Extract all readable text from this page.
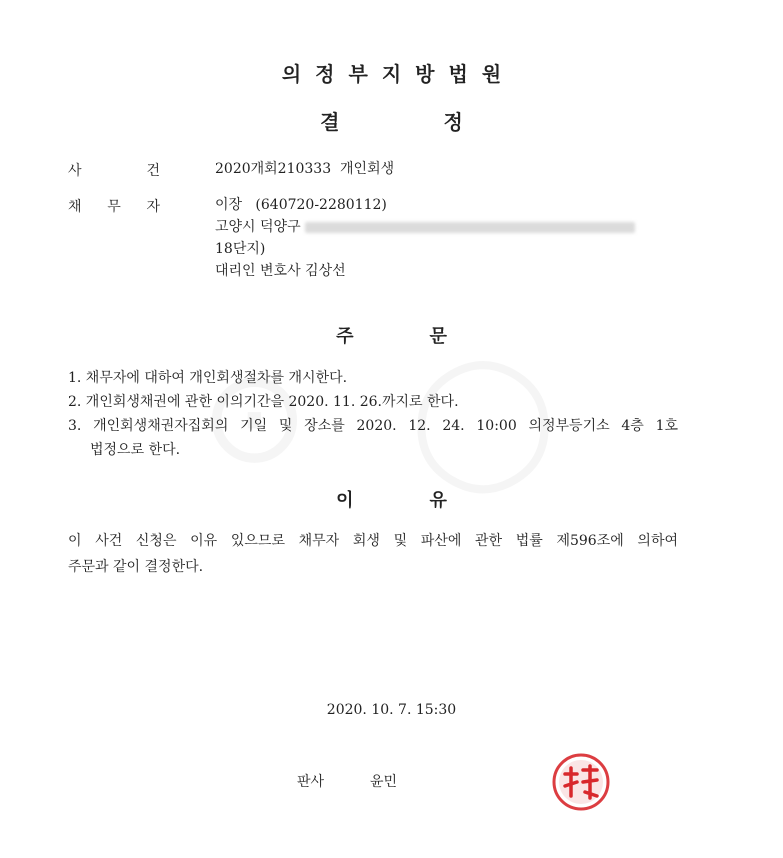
의 정 부 지 방 법 원
결	정
사	건	2020개회210333 개인회생
채 무 자	이장 (640720-2280112)
고양시 덕양구
18단지)
대리인 변호사 김상선
주	문
1. 채무자에 대하여 개인회생절차를 개시한다.
2. 개인회생채권에 관한 이의기간을 2020. 11. 26.까지로 한다.
3. 개인회생채권자집회의 기일 및 장소를 2020. 12. 24. 10:00 의정부등기소 4층 1호
법정으로 한다.
이	유
이 사건 신청은 이유 있으므로 채무자 회생 및 파산에 관한 법률 제596조에 의하여
주문과 같이 결정한다.
2020. 10. 7. 15:30
판사	윤민
